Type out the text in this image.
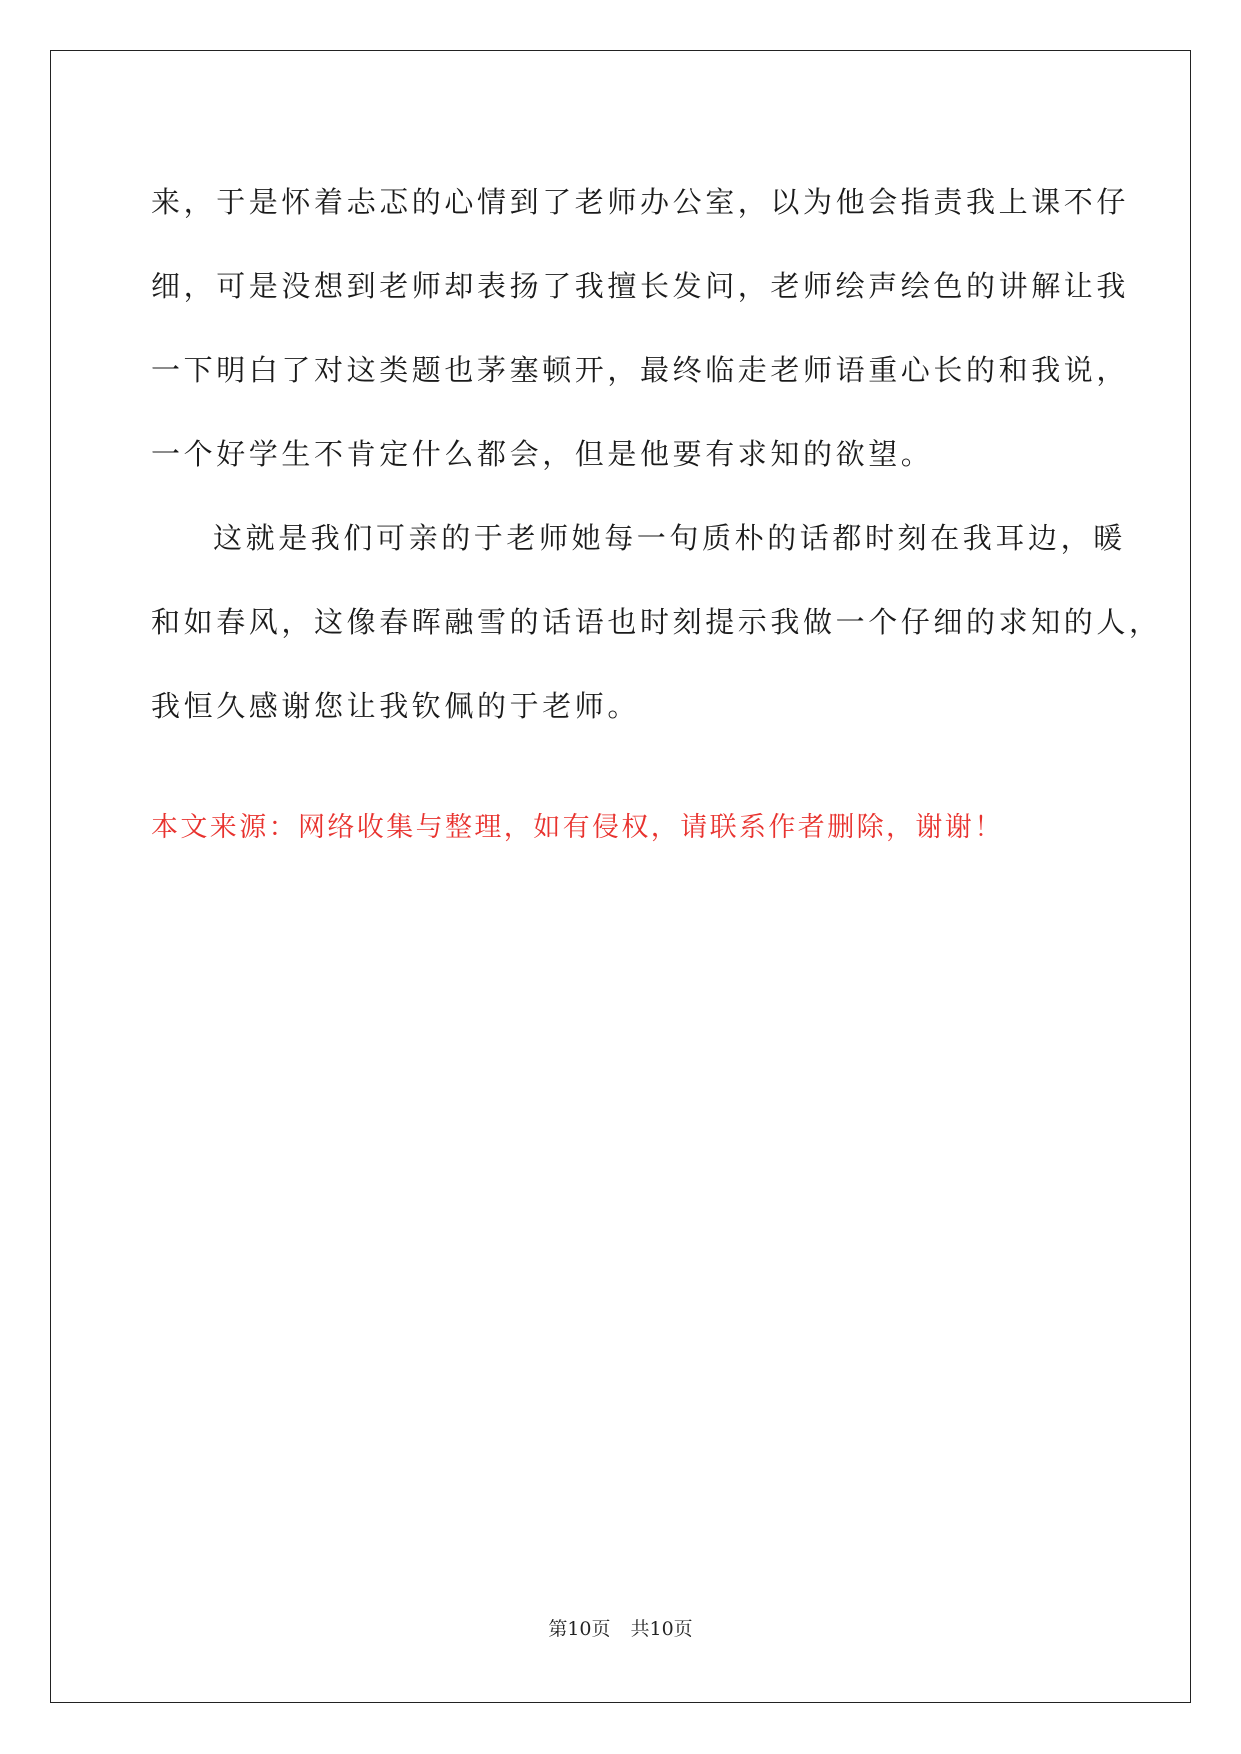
来，于是怀着忐忑的心情到了老师办公室，以为他会指责我上课不仔
细，可是没想到老师却表扬了我擅长发问，老师绘声绘色的讲解让我
一下明白了对这类题也茅塞顿开，最终临走老师语重心长的和我说，
一个好学生不肯定什么都会，但是他要有求知的欲望。
这就是我们可亲的于老师她每一句质朴的话都时刻在我耳边，暖
和如春风，这像春晖融雪的话语也时刻提示我做一个仔细的求知的人，
我恒久感谢您让我钦佩的于老师。
本文来源：网络收集与整理，如有侵权，请联系作者删除，谢谢！
第10页 共10页
